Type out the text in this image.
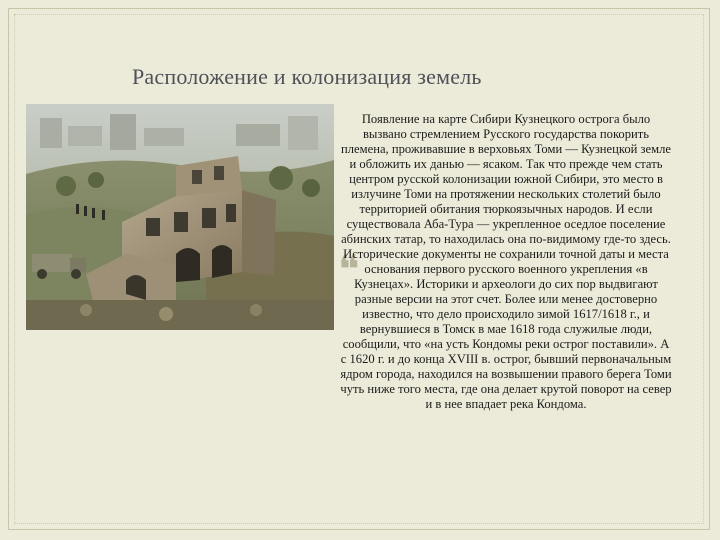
Расположение и колонизация земель
❝
Появление на карте Сибири Кузнецкого острога было вызвано стремлением Русского государства покорить племена, проживавшие в верховьях Томи — Кузнецкой земле и обложить их данью — ясаком. Так что прежде чем стать центром русской колонизации южной Сибири, это место в излучине Томи на протяжении нескольких столетий было территорией обитания тюркоязычных народов. И если существовала Аба-Тура — укрепленное оседлое поселение абинских татар, то находилась она по-видимому где-то здесь. Исторические документы не сохранили точной даты и места основания первого русского военного укрепления «в Кузнецах». Историки и археологи до сих пор выдвигают разные версии на этот счет. Более или менее достоверно известно, что дело происходило зимой 1617/1618 г., и вернувшиеся в Томск в мае 1618 года служилые люди, сообщили, что «на усть Кондомы реки острог поставили». А с 1620 г. и до конца XVIII в. острог, бывший первоначальным ядром города, находился на возвышении правого берега Томи чуть ниже того места, где она делает крутой поворот на север и в нее впадает река Кондома.
